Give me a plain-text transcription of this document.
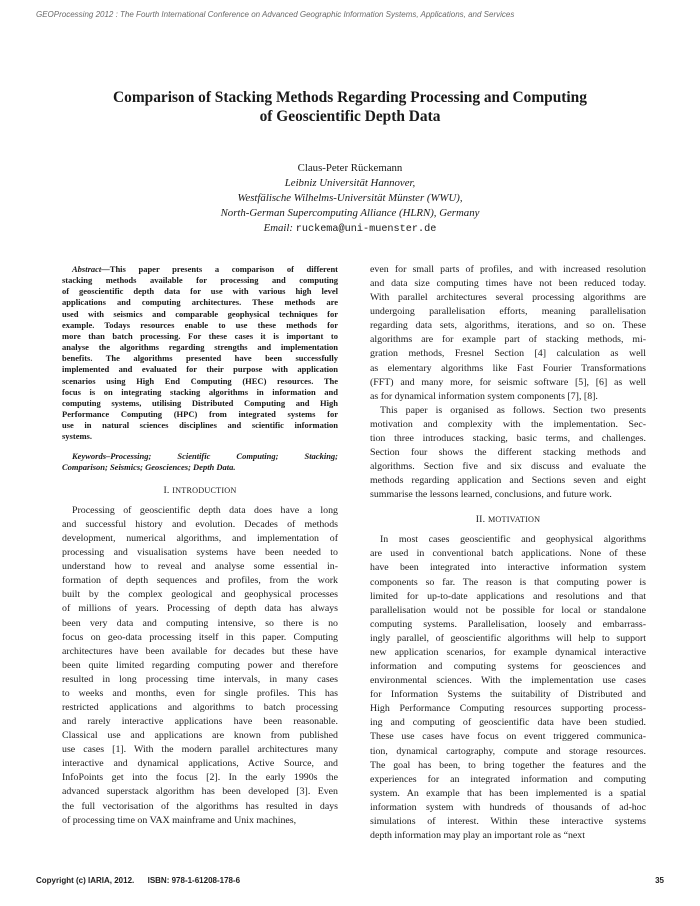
GEOProcessing 2012 : The Fourth International Conference on Advanced Geographic Information Systems, Applications, and Services
Comparison of Stacking Methods Regarding Processing and Computing
of Geoscientific Depth Data
Claus-Peter Rückemann
Leibniz Universität Hannover,
Westfälische Wilhelms-Universität Münster (WWU),
North-German Supercomputing Alliance (HLRN), Germany
Email: ruckema@uni-muenster.de
Abstract—This paper presents a comparison of different
stacking methods available for processing and computing
of geoscientific depth data for use with various high level
applications and computing architectures. These methods are
used with seismics and comparable geophysical techniques for
example. Todays resources enable to use these methods for
more than batch processing. For these cases it is important to
analyse the algorithms regarding strengths and implementation
benefits. The algorithms presented have been successfully
implemented and evaluated for their purpose with application
scenarios using High End Computing (HEC) resources. The
focus is on integrating stacking algorithms in information and
computing systems, utilising Distributed Computing and High
Performance Computing (HPC) from integrated systems for
use in natural sciences disciplines and scientific information
systems.
Keywords–Processing; Scientific Computing; Stacking;
Comparison; Seismics; Geosciences; Depth Data.
I. INTRODUCTION
Processing of geoscientific depth data does have a long
and successful history and evolution. Decades of methods
development, numerical algorithms, and implementation of
processing and visualisation systems have been needed to
understand how to reveal and analyse some essential in-
formation of depth sequences and profiles, from the work
built by the complex geological and geophysical processes
of millions of years. Processing of depth data has always
been very data and computing intensive, so there is no
focus on geo-data processing itself in this paper. Computing
architectures have been available for decades but these have
been quite limited regarding computing power and therefore
resulted in long processing time intervals, in many cases
to weeks and months, even for single profiles. This has
restricted applications and algorithms to batch processing
and rarely interactive applications have been reasonable.
Classical use and applications are known from published
use cases [1]. With the modern parallel architectures many
interactive and dynamical applications, Active Source, and
InfoPoints get into the focus [2]. In the early 1990s the
advanced superstack algorithm has been developed [3]. Even
the full vectorisation of the algorithms has resulted in days
of processing time on VAX mainframe and Unix machines,
even for small parts of profiles, and with increased resolution
and data size computing times have not been reduced today.
With parallel architectures several processing algorithms are
undergoing parallelisation efforts, meaning parallelisation
regarding data sets, algorithms, iterations, and so on. These
algorithms are for example part of stacking methods, mi-
gration methods, Fresnel Section [4] calculation as well
as elementary algorithms like Fast Fourier Transformations
(FFT) and many more, for seismic software [5], [6] as well
as for dynamical information system components [7], [8].
This paper is organised as follows. Section two presents
motivation and complexity with the implementation. Sec-
tion three introduces stacking, basic terms, and challenges.
Section four shows the different stacking methods and
algorithms. Section five and six discuss and evaluate the
methods regarding application and Sections seven and eight
summarise the lessons learned, conclusions, and future work.
II. MOTIVATION
In most cases geoscientific and geophysical algorithms
are used in conventional batch applications. None of these
have been integrated into interactive information system
components so far. The reason is that computing power is
limited for up-to-date applications and resolutions and that
parallelisation would not be possible for local or standalone
computing systems. Parallelisation, loosely and embarrass-
ingly parallel, of geoscientific algorithms will help to support
new application scenarios, for example dynamical interactive
information and computing systems for geosciences and
environmental sciences. With the implementation use cases
for Information Systems the suitability of Distributed and
High Performance Computing resources supporting process-
ing and computing of geoscientific data have been studied.
These use cases have focus on event triggered communica-
tion, dynamical cartography, compute and storage resources.
The goal has been, to bring together the features and the
experiences for an integrated information and computing
system. An example that has been implemented is a spatial
information system with hundreds of thousands of ad-hoc
simulations of interest. Within these interactive systems
depth information may play an important role as “next
Copyright (c) IARIA, 2012. ISBN: 978-1-61208-178-6	35
